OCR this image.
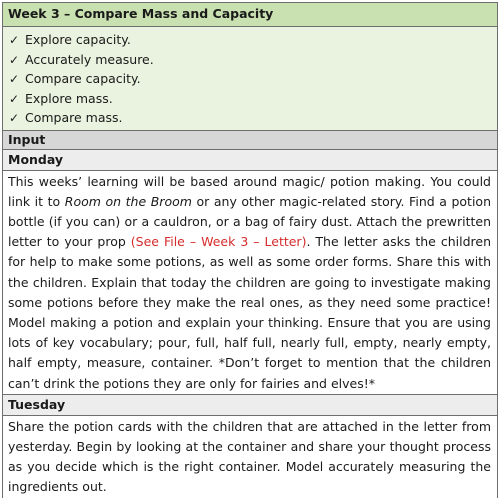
Week 3 – Compare Mass and Capacity
✓ Explore capacity.
✓ Accurately measure.
✓ Compare capacity.
✓ Explore mass.
✓ Compare mass.
Input
Monday
This weeks’ learning will be based around magic/ potion making. You could link it to Room on the Broom or any other magic-related story. Find a potion bottle (if you can) or a cauldron, or a bag of fairy dust. Attach the prewritten letter to your prop (See File – Week 3 – Letter). The letter asks the children for help to make some potions, as well as some order forms. Share this with the children. Explain that today the children are going to investigate making some potions before they make the real ones, as they need some practice! Model making a potion and explain your thinking. Ensure that you are using lots of key vocabulary; pour, full, half full, nearly full, empty, nearly empty, half empty, measure, container. *Don’t forget to mention that the children can’t drink the potions they are only for fairies and elves!*
Tuesday
Share the potion cards with the children that are attached in the letter from yesterday. Begin by looking at the container and share your thought process as you decide which is the right container. Model accurately measuring the ingredients out.
